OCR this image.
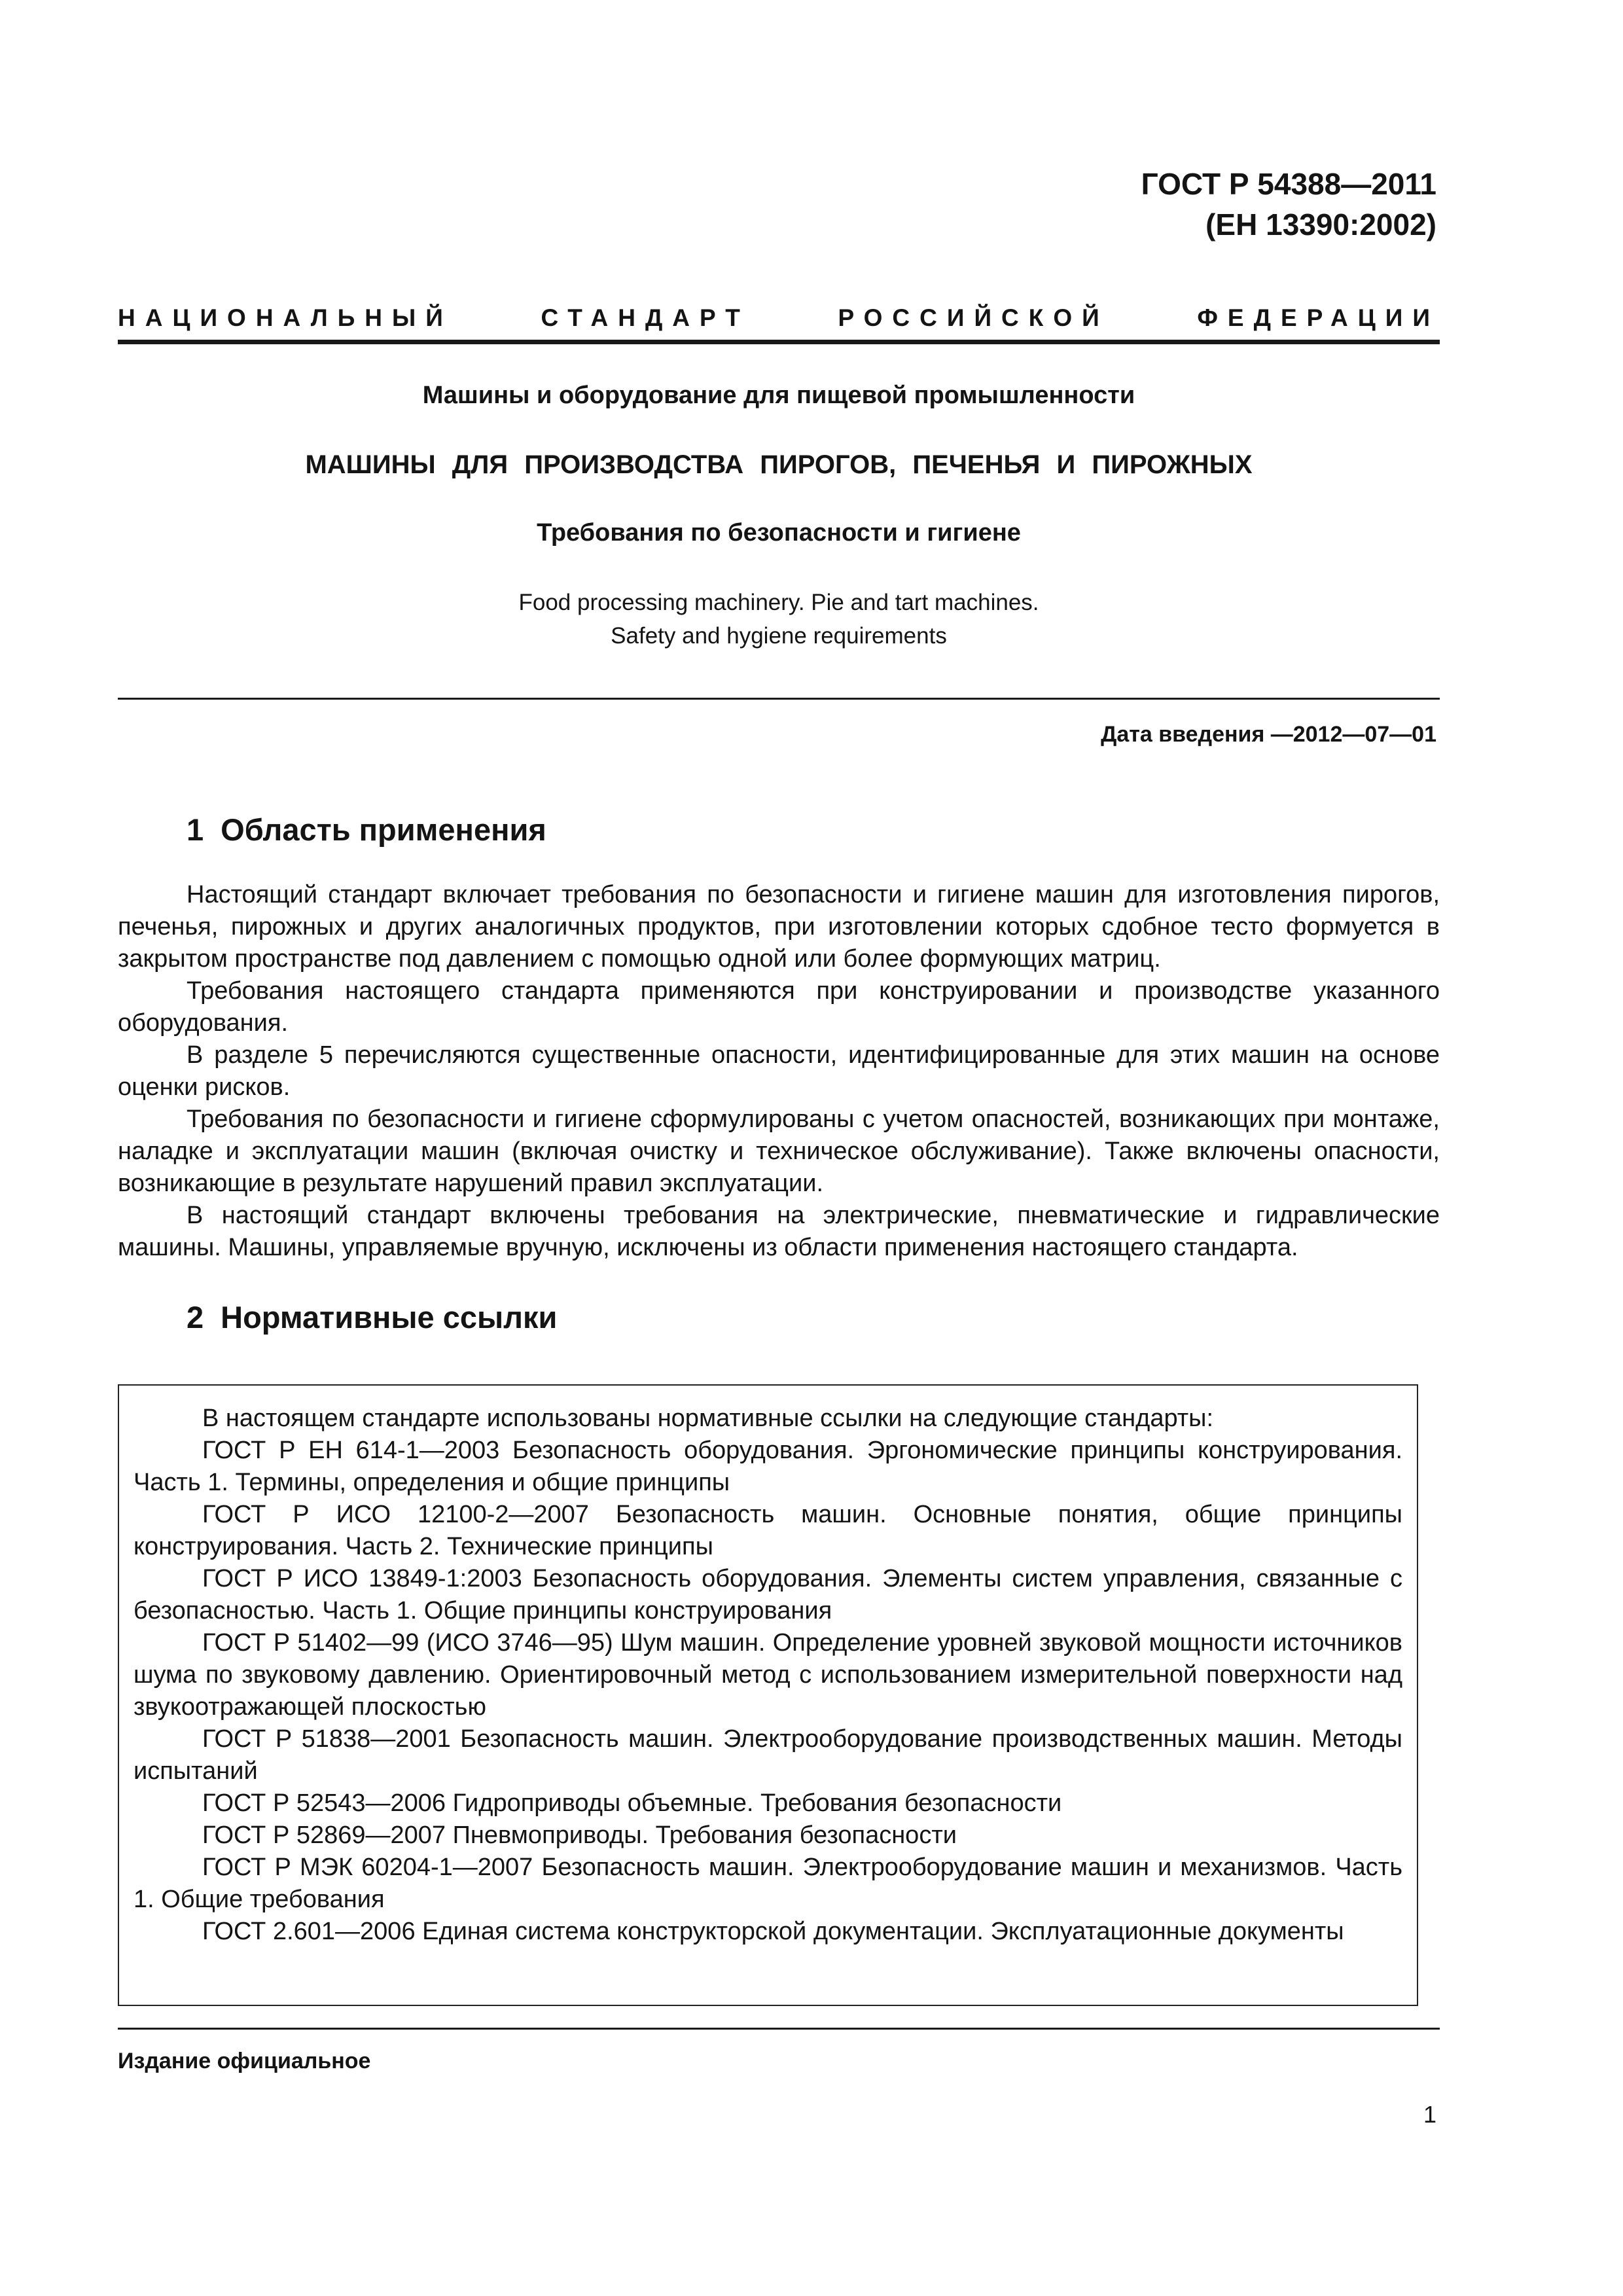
ГОСТ Р 54388—2011
(ЕН 13390:2002)
НАЦИОНАЛЬНЫЙ	СТАНДАРТ	РОССИЙСКОЙ	ФЕДЕРАЦИИ
Машины и оборудование для пищевой промышленности
МАШИНЫ ДЛЯ ПРОИЗВОДСТВА ПИРОГОВ, ПЕЧЕНЬЯ И ПИРОЖНЫХ
Требования по безопасности и гигиене
Food processing machinery. Pie and tart machines.
Safety and hygiene requirements
Дата введения —2012—07—01
1 Область применения

Настоящий стандарт включает требования по безопасности и гигиене машин для изготовления пирогов, печенья, пирожных и других аналогичных продуктов, при изготовлении которых сдобное тесто формуется в закрытом пространстве под давлением с помощью одной или более формующих матриц.

Требования настоящего стандарта применяются при конструировании и производстве указанного оборудования.

В разделе 5 перечисляются существенные опасности, идентифицированные для этих машин на основе оценки рисков.

Требования по безопасности и гигиене сформулированы с учетом опасностей, возникающих при монтаже, наладке и эксплуатации машин (включая очистку и техническое обслуживание). Также включены опасности, возникающие в результате нарушений правил эксплуатации.

В настоящий стандарт включены требования на электрические, пневматические и гидравлические машины. Машины, управляемые вручную, исключены из области применения настоящего стандарта.

2 Нормативные ссылки

В настоящем стандарте использованы нормативные ссылки на следующие стандарты:

ГОСТ Р ЕН 614-1—2003 Безопасность оборудования. Эргономические принципы конструирования. Часть 1. Термины, определения и общие принципы

ГОСТ Р ИСО 12100-2—2007 Безопасность машин. Основные понятия, общие принципы конструирования. Часть 2. Технические принципы

ГОСТ Р ИСО 13849-1:2003 Безопасность оборудования. Элементы систем управления, связанные с безопасностью. Часть 1. Общие принципы конструирования

ГОСТ Р 51402—99 (ИСО 3746—95) Шум машин. Определение уровней звуковой мощности источников шума по звуковому давлению. Ориентировочный метод с использованием измерительной поверхности над звукоотражающей плоскостью

ГОСТ Р 51838—2001 Безопасность машин. Электрооборудование производственных машин. Методы испытаний

ГОСТ Р 52543—2006 Гидроприводы объемные. Требования безопасности

ГОСТ Р 52869—2007 Пневмоприводы. Требования безопасности

ГОСТ Р МЭК 60204-1—2007 Безопасность машин. Электрооборудование машин и механизмов. Часть 1. Общие требования

ГОСТ 2.601—2006 Единая система конструкторской документации. Эксплуатационные документы

Издание официальное
1
